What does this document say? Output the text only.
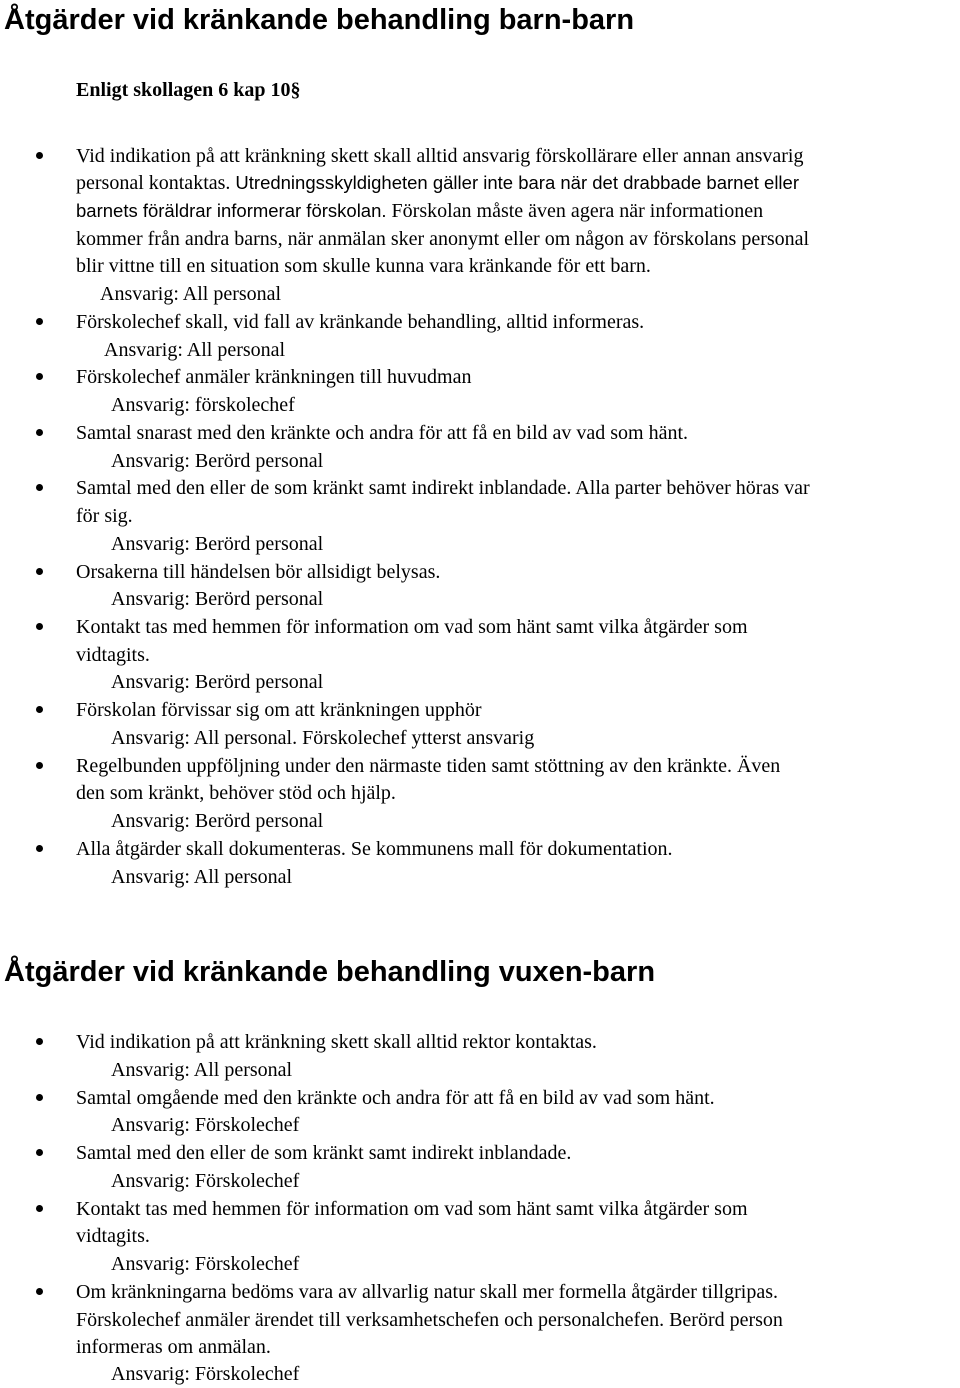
Åtgärder vid kränkande behandling barn-barn
Enligt skollagen 6 kap 10§
Vid indikation på att kränkning skett skall alltid ansvarig förskollärare eller annan ansvarig
personal kontaktas. Utredningsskyldigheten gäller inte bara när det drabbade barnet eller
barnets föräldrar informerar förskolan. Förskolan måste även agera när informationen
kommer från andra barns, när anmälan sker anonymt eller om någon av förskolans personal
blir vittne till en situation som skulle kunna vara kränkande för ett barn.
Ansvarig: All personal
Förskolechef skall, vid fall av kränkande behandling, alltid informeras.
Ansvarig: All personal
Förskolechef anmäler kränkningen till huvudman
Ansvarig: förskolechef
Samtal snarast med den kränkte och andra för att få en bild av vad som hänt.
Ansvarig: Berörd personal
Samtal med den eller de som kränkt samt indirekt inblandade. Alla parter behöver höras var
för sig.
Ansvarig: Berörd personal
Orsakerna till händelsen bör allsidigt belysas.
Ansvarig: Berörd personal
Kontakt tas med hemmen för information om vad som hänt samt vilka åtgärder som
vidtagits.
Ansvarig: Berörd personal
Förskolan förvissar sig om att kränkningen upphör
Ansvarig: All personal. Förskolechef ytterst ansvarig
Regelbunden uppföljning under den närmaste tiden samt stöttning av den kränkte. Även
den som kränkt, behöver stöd och hjälp.
Ansvarig: Berörd personal
Alla åtgärder skall dokumenteras. Se kommunens mall för dokumentation.
Ansvarig: All personal
Åtgärder vid kränkande behandling vuxen-barn
Vid indikation på att kränkning skett skall alltid rektor kontaktas.
Ansvarig: All personal
Samtal omgående med den kränkte och andra för att få en bild av vad som hänt.
Ansvarig: Förskolechef
Samtal med den eller de som kränkt samt indirekt inblandade.
Ansvarig: Förskolechef
Kontakt tas med hemmen för information om vad som hänt samt vilka åtgärder som
vidtagits.
Ansvarig: Förskolechef
Om kränkningarna bedöms vara av allvarlig natur skall mer formella åtgärder tillgripas.
Förskolechef anmäler ärendet till verksamhetschefen och personalchefen. Berörd person
informeras om anmälan.
Ansvarig: Förskolechef
